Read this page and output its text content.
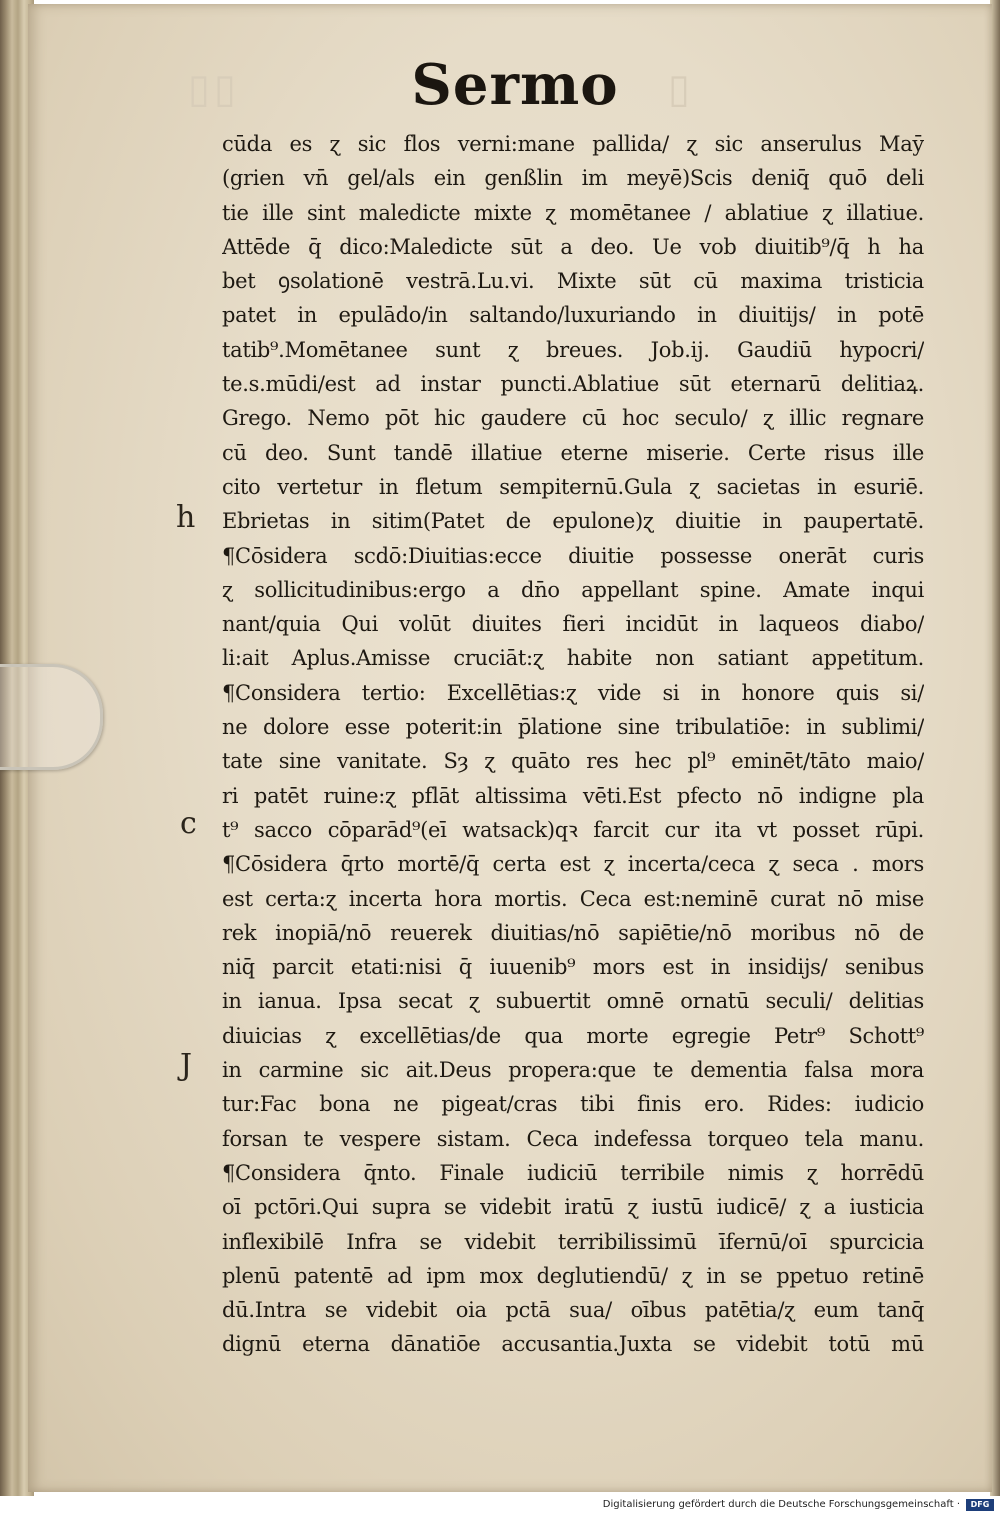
▯▯	▯
Sermo
h
c
J
cūda es ɀ sic flos verni:mane pallida/ ɀ sic anserulus Maȳ
(grien vn̄ gel/als ein genßlin im meyē)Scis deniq̄ quō deli
tie ille sint maledicte mixte ɀ momētanee / ablatiue ɀ illatiue.
Attēde q̄ dico:Maledicte sūt a deo. Ue vob diuitib⁹/q̄ h ha
bet ꝯsolationē vestrā.Lu.vi. Mixte sūt cū maxima tristicia
patet in epulādo/in saltando/luxuriando in diuitijs/ in potē
tatib⁹.Momētanee sunt ɀ breues. Job.ij. Gaudiū hypocri/
te.s.mūdi/est ad instar puncti.Ablatiue sūt eternarū delitiaꝝ.
Grego. Nemo pōt hic gaudere cū hoc seculo/ ɀ illic regnare
cū deo. Sunt tandē illatiue eterne miserie. Certe risus ille
cito vertetur in fletum sempiternū.Gula ɀ sacietas in esuriē.
Ebrietas in sitim(Patet de epulone)ɀ diuitie in paupertatē.
¶Cōsidera scdō:Diuitias:ecce diuitie possesse onerāt curis
ɀ sollicitudinibus:ergo a dn̄o appellant spine. Amate inqui
nant/quia Qui volūt diuites fieri incidūt in laqueos diabo/
li:ait Aplus.Amisse cruciāt:ɀ habite non satiant appetitum.
¶Considera tertio: Excellētias:ɀ vide si in honore quis si/
ne dolore esse poterit:in p̄latione sine tribulatiōe: in sublimi/
tate sine vanitate. Sȝ ɀ quāto res hec pl⁹ eminēt/tāto maio/
ri patēt ruine:ɀ pflāt altissima vēti.Est pfecto nō indigne pla
t⁹ sacco cōparād⁹(eī watsack)qꝛ farcit cur ita vt posset rūpi.
¶Cōsidera q̄rto mortē/q̄ certa est ɀ incerta/ceca ɀ seca . mors
est certa:ɀ incerta hora mortis. Ceca est:neminē curat nō mise
rek inopiā/nō reuerek diuitias/nō sapiētie/nō moribus nō de
niq̄ parcit etati:nisi q̄ iuuenib⁹ mors est in insidijs/ senibus
in ianua. Ipsa secat ɀ subuertit omnē ornatū seculi/ delitias
diuicias ɀ excellētias/de qua morte egregie Petr⁹ Schott⁹
in carmine sic ait.Deus propera:que te dementia falsa mora
tur:Fac bona ne pigeat/cras tibi finis ero. Rides: iudicio
forsan te vespere sistam. Ceca indefessa torqueo tela manu.
¶Considera q̄nto. Finale iudiciū terribile nimis ɀ horrēdū
oī pctōri.Qui supra se videbit iratū ɀ iustū iudicē/ ɀ a iusticia
inflexibilē Infra se videbit terribilissimū īfernū/oī spurcicia
plenū patentē ad ipm mox deglutiendū/ ɀ in se ppetuo retinē
dū.Intra se videbit oia pctā sua/ oībus patētia/ɀ eum tanq̄
dignū eterna dānatiōe accusantia.Juxta se videbit totū mū
Digitalisierung gefördert durch die Deutsche Forschungsgemeinschaft ·	DFG
